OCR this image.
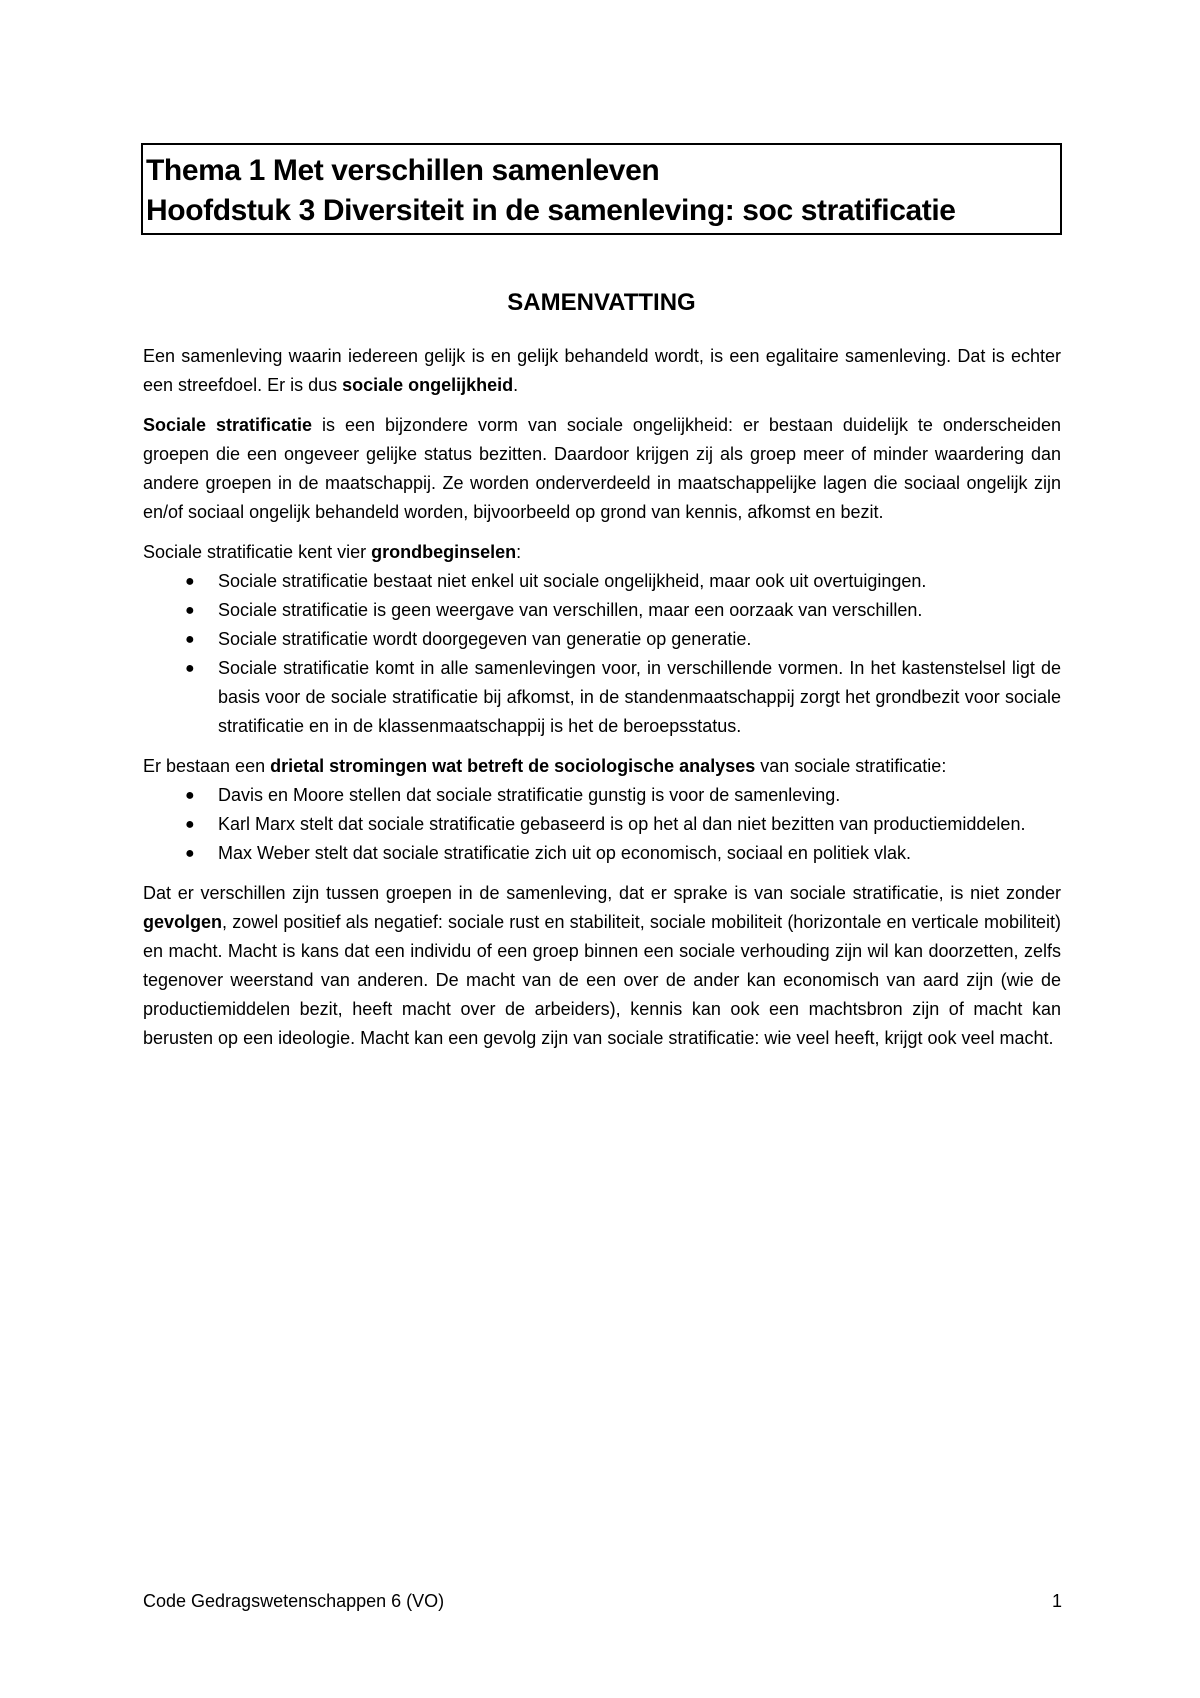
Thema 1 Met verschillen samenleven
Hoofdstuk 3 Diversiteit in de samenleving: soc stratificatie
SAMENVATTING

Een samenleving waarin iedereen gelijk is en gelijk behandeld wordt, is een egalitaire samenleving. Dat is echter een streefdoel. Er is dus sociale ongelijkheid.

Sociale stratificatie is een bijzondere vorm van sociale ongelijkheid: er bestaan duidelijk te onderscheiden groepen die een ongeveer gelijke status bezitten. Daardoor krijgen zij als groep meer of minder waardering dan andere groepen in de maatschappij. Ze worden onderverdeeld in maatschappelijke lagen die sociaal ongelijk zijn en/of sociaal ongelijk behandeld worden, bijvoorbeeld op grond van kennis, afkomst en bezit.

Sociale stratificatie kent vier grondbeginselen:

● Sociale stratificatie bestaat niet enkel uit sociale ongelijkheid, maar ook uit overtuigingen.
● Sociale stratificatie is geen weergave van verschillen, maar een oorzaak van verschillen.
● Sociale stratificatie wordt doorgegeven van generatie op generatie.
● Sociale stratificatie komt in alle samenlevingen voor, in verschillende vormen. In het kastenstelsel ligt de basis voor de sociale stratificatie bij afkomst, in de standenmaatschappij zorgt het grondbezit voor sociale stratificatie en in de klassenmaatschappij is het de beroepsstatus.

Er bestaan een drietal stromingen wat betreft de sociologische analyses van sociale stratificatie:

● Davis en Moore stellen dat sociale stratificatie gunstig is voor de samenleving.
● Karl Marx stelt dat sociale stratificatie gebaseerd is op het al dan niet bezitten van productiemiddelen.
● Max Weber stelt dat sociale stratificatie zich uit op economisch, sociaal en politiek vlak.

Dat er verschillen zijn tussen groepen in de samenleving, dat er sprake is van sociale stratificatie, is niet zonder gevolgen, zowel positief als negatief: sociale rust en stabiliteit, sociale mobiliteit (horizontale en verticale mobiliteit) en macht. Macht is kans dat een individu of een groep binnen een sociale verhouding zijn wil kan doorzetten, zelfs tegenover weerstand van anderen. De macht van de een over de ander kan economisch van aard zijn (wie de productiemiddelen bezit, heeft macht over de arbeiders), kennis kan ook een machtsbron zijn of macht kan berusten op een ideologie. Macht kan een gevolg zijn van sociale stratificatie: wie veel heeft, krijgt ook veel macht.

Code Gedragswetenschappen 6 (VO)	1
